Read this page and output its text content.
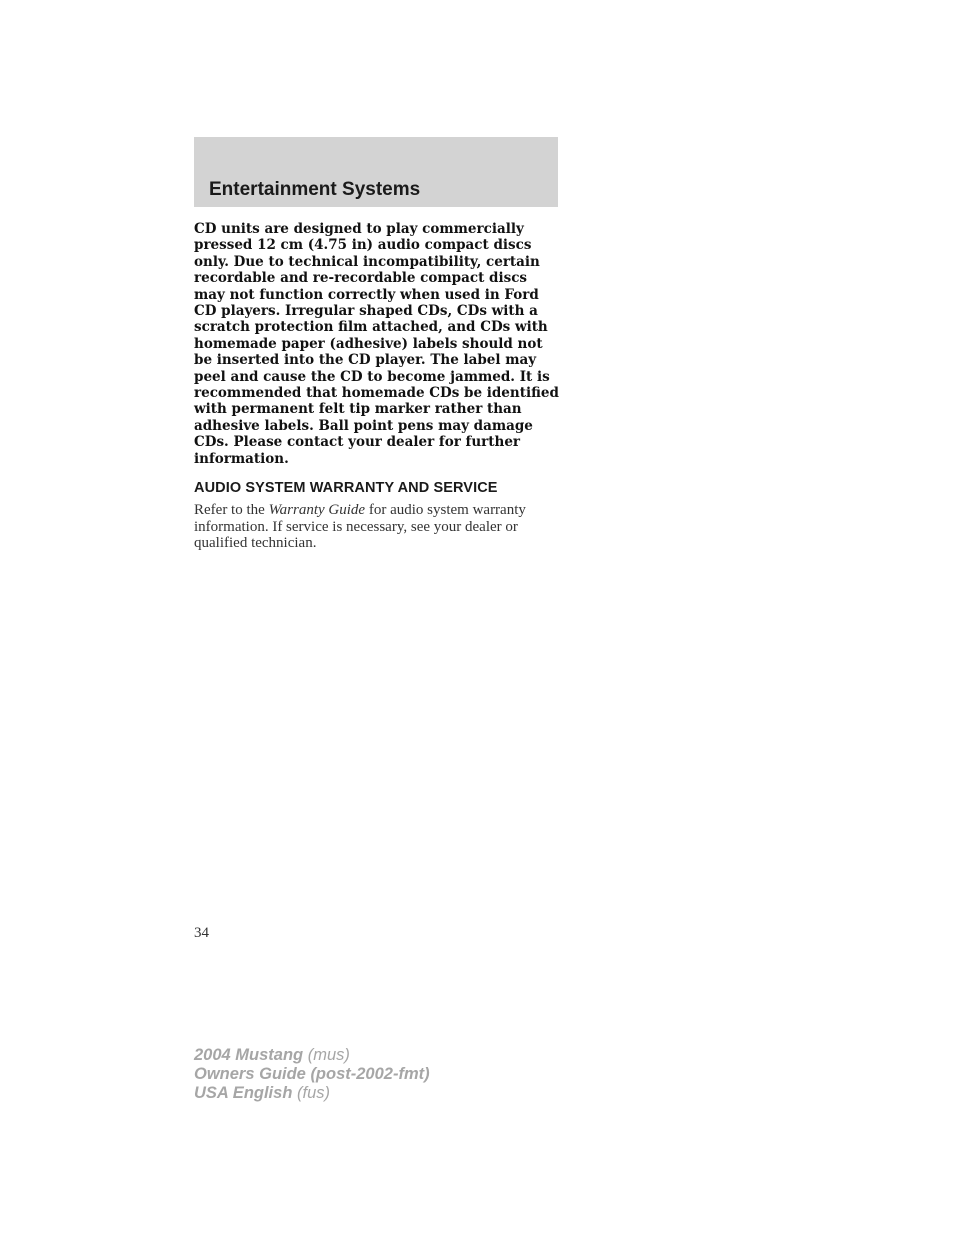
Entertainment Systems

CD units are designed to play commercially pressed 12 cm (4.75 in) audio compact discs only. Due to technical incompatibility, certain recordable and re-recordable compact discs may not function correctly when used in Ford CD players. Irregular shaped CDs, CDs with a scratch protection film attached, and CDs with homemade paper (adhesive) labels should not be inserted into the CD player. The label may peel and cause the CD to become jammed. It is recommended that homemade CDs be identified with permanent felt tip marker rather than adhesive labels. Ball point pens may damage CDs. Please contact your dealer for further information.

AUDIO SYSTEM WARRANTY AND SERVICE

Refer to the Warranty Guide for audio system warranty information. If service is necessary, see your dealer or qualified technician.

34

2004 Mustang (mus)
Owners Guide (post-2002-fmt)
USA English (fus)
